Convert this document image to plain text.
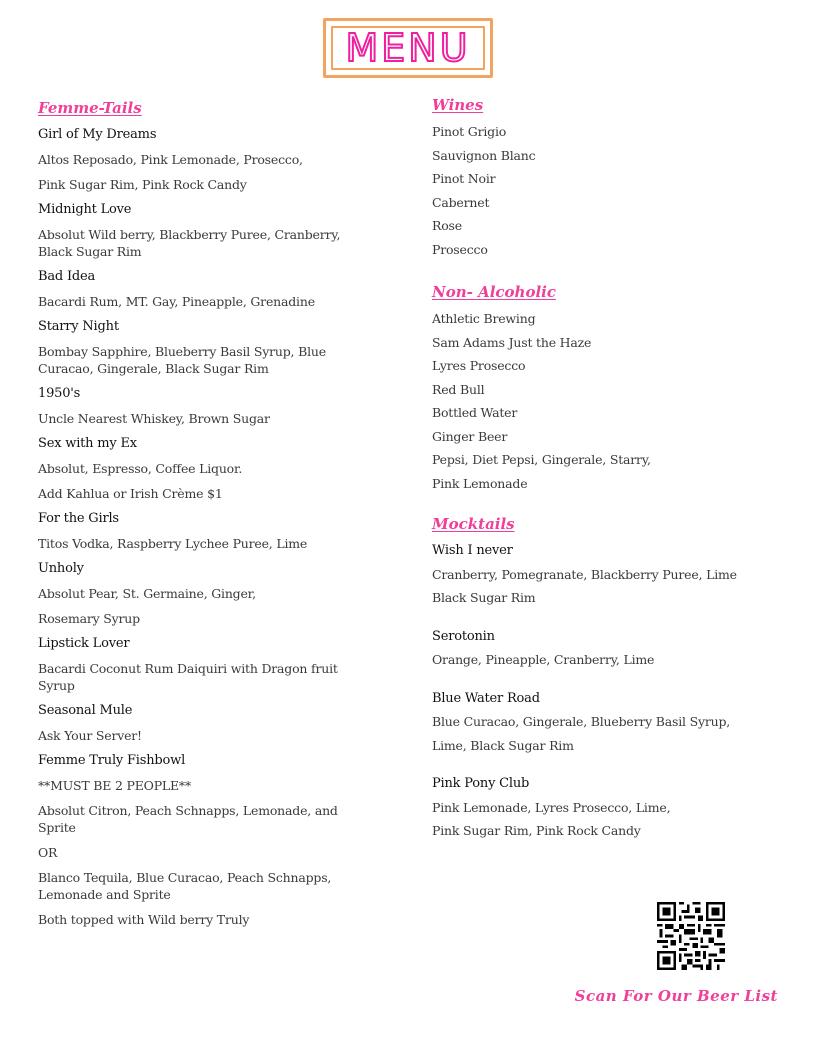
MENU
Femme-Tails
Girl of My Dreams
Altos Reposado, Pink Lemonade, Prosecco,
Pink Sugar Rim, Pink Rock Candy
Midnight Love
Absolut Wild berry, Blackberry Puree, Cranberry, Black Sugar Rim
Bad Idea
Bacardi Rum, MT. Gay, Pineapple, Grenadine
Starry Night
Bombay Sapphire, Blueberry Basil Syrup, Blue Curacao, Gingerale, Black Sugar Rim
1950's
Uncle Nearest Whiskey, Brown Sugar
Sex with my Ex
Absolut, Espresso, Coffee Liquor.
Add Kahlua or Irish Crème $1
For the Girls
Titos Vodka, Raspberry Lychee Puree, Lime
Unholy
Absolut Pear, St. Germaine, Ginger,
Rosemary Syrup
Lipstick Lover
Bacardi Coconut Rum Daiquiri with Dragon fruit Syrup
Seasonal Mule
Ask Your Server!
Femme Truly Fishbowl
**MUST BE 2 PEOPLE**
Absolut Citron, Peach Schnapps, Lemonade, and Sprite
OR
Blanco Tequila, Blue Curacao, Peach Schnapps, Lemonade and Sprite
Both topped with Wild berry Truly
Wines
Pinot Grigio
Sauvignon Blanc
Pinot Noir
Cabernet
Rose
Prosecco
Non- Alcoholic
Athletic Brewing
Sam Adams Just the Haze
Lyres Prosecco
Red Bull
Bottled Water
Ginger Beer
Pepsi, Diet Pepsi, Gingerale, Starry,
Pink Lemonade
Mocktails
Wish I never
Cranberry, Pomegranate, Blackberry Puree, Lime
Black Sugar Rim
Serotonin
Orange, Pineapple, Cranberry, Lime
Blue Water Road
Blue Curacao, Gingerale, Blueberry Basil Syrup,
Lime, Black Sugar Rim
Pink Pony Club
Pink Lemonade, Lyres Prosecco, Lime,
Pink Sugar Rim, Pink Rock Candy
Scan For Our Beer List
